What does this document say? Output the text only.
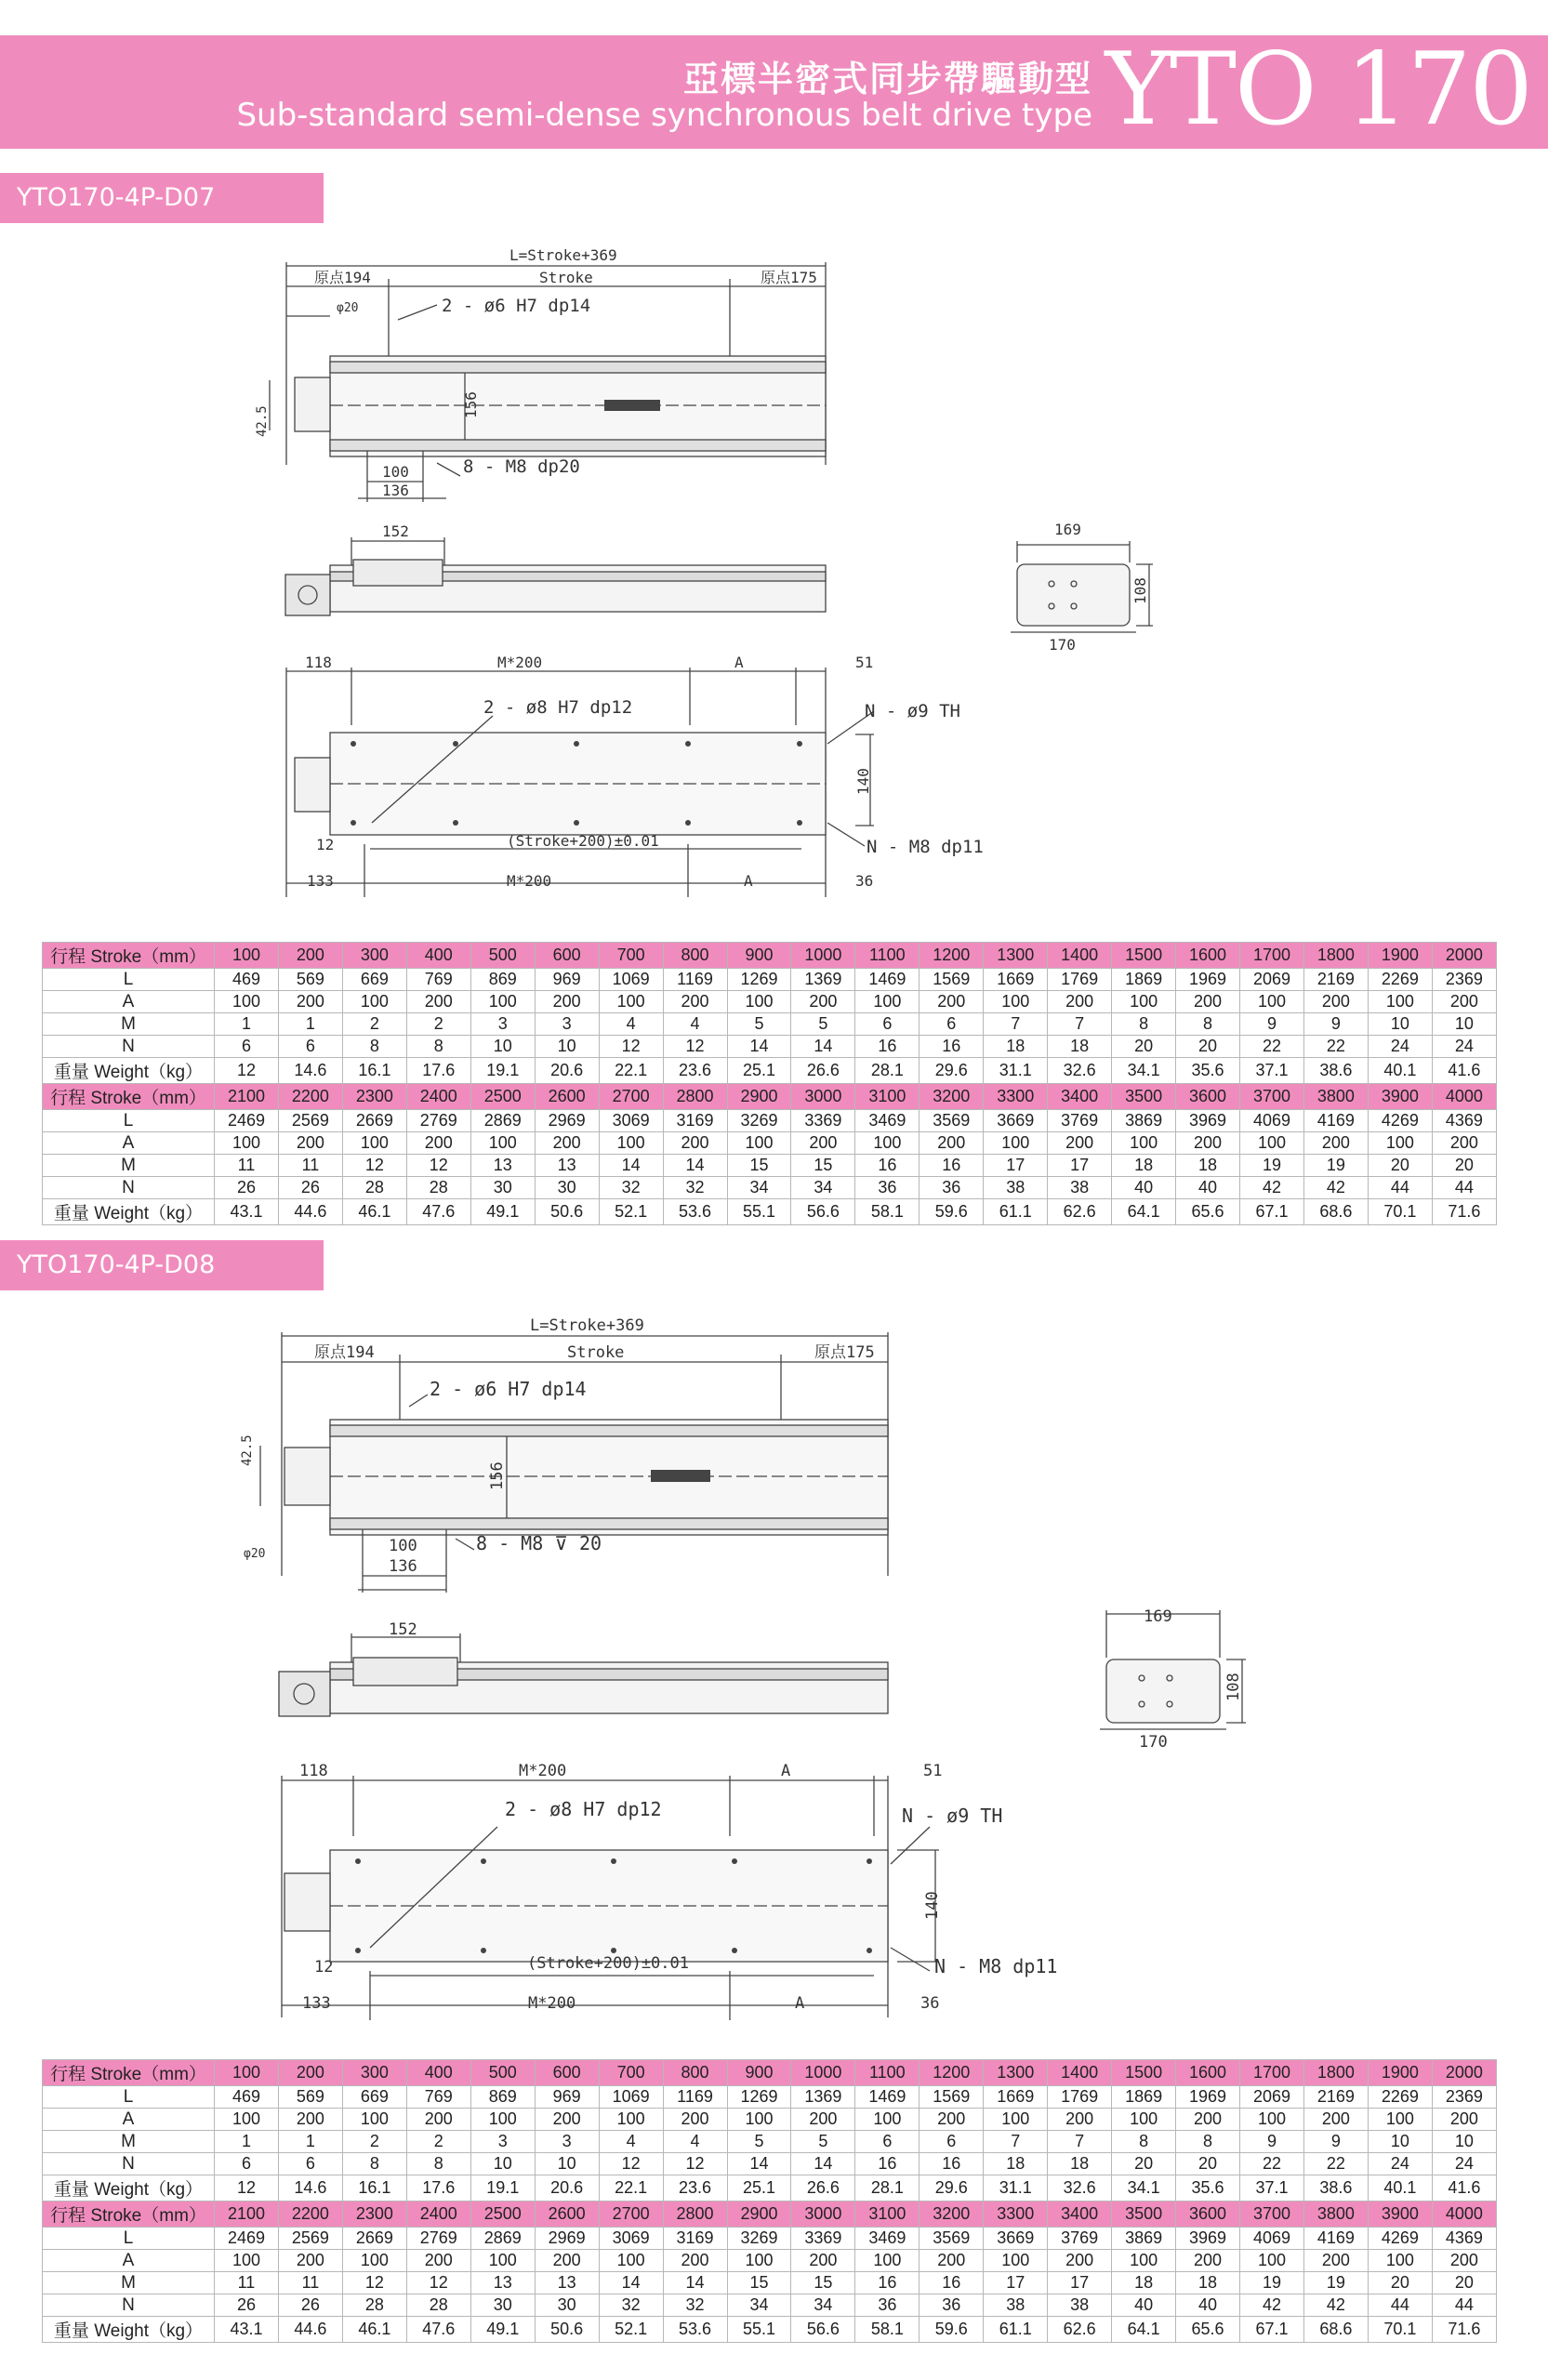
亞標半密式同步帶驅動型
Sub-standard semi-dense synchronous belt drive type YTO 170
YTO170-4P-D07
L=Stroke+369
原点194	Stroke	原点175
φ20	2 - ø6 H7 dp14
156
42.5
100
136
8 - M8 dp20
152	169
108
170
118	M*200	A	51
2 - ø8 H7 dp12	N - ø9 TH
140
12	(Stroke+200)±0.01	N - M8 dp11
133	M*200	A	36
行程 Stroke（mm）	100	200	300	400	500	600	700	800	900	1000	1100	1200	1300	1400	1500	1600	1700	1800	1900	2000
L	469	569	669	769	869	969	1069	1169	1269	1369	1469	1569	1669	1769	1869	1969	2069	2169	2269	2369
A	100	200	100	200	100	200	100	200	100	200	100	200	100	200	100	200	100	200	100	200
M	1	1	2	2	3	3	4	4	5	5	6	6	7	7	8	8	9	9	10	10
N	6	6	8	8	10	10	12	12	14	14	16	16	18	18	20	20	22	22	24	24
重量 Weight（kg）	12	14.6	16.1	17.6	19.1	20.6	22.1	23.6	25.1	26.6	28.1	29.6	31.1	32.6	34.1	35.6	37.1	38.6	40.1	41.6
行程 Stroke（mm）	2100	2200	2300	2400	2500	2600	2700	2800	2900	3000	3100	3200	3300	3400	3500	3600	3700	3800	3900	4000
L	2469	2569	2669	2769	2869	2969	3069	3169	3269	3369	3469	3569	3669	3769	3869	3969	4069	4169	4269	4369
A	100	200	100	200	100	200	100	200	100	200	100	200	100	200	100	200	100	200	100	200
M	11	11	12	12	13	13	14	14	15	15	16	16	17	17	18	18	19	19	20	20
N	26	26	28	28	30	30	32	32	34	34	36	36	38	38	40	40	42	42	44	44
重量 Weight（kg）	43.1	44.6	46.1	47.6	49.1	50.6	52.1	53.6	55.1	56.6	58.1	59.6	61.1	62.6	64.1	65.6	67.1	68.6	70.1	71.6
YTO170-4P-D08
L=Stroke+369
原点194	Stroke	原点175
φ20
2 - ø6 H7 dp14
156
42.5
100
136
8 - M8 ⊽ 20
152
169
108
170
118	M*200	A	51
2 - ø8 H7 dp12	N - ø9 TH
140
12	(Stroke+200)±0.01	N - M8 dp11
133	M*200	A	36
行程 Stroke（mm）	100	200	300	400	500	600	700	800	900	1000	1100	1200	1300	1400	1500	1600	1700	1800	1900	2000
L	469	569	669	769	869	969	1069	1169	1269	1369	1469	1569	1669	1769	1869	1969	2069	2169	2269	2369
A	100	200	100	200	100	200	100	200	100	200	100	200	100	200	100	200	100	200	100	200
M	1	1	2	2	3	3	4	4	5	5	6	6	7	7	8	8	9	9	10	10
N	6	6	8	8	10	10	12	12	14	14	16	16	18	18	20	20	22	22	24	24
重量 Weight（kg）	12	14.6	16.1	17.6	19.1	20.6	22.1	23.6	25.1	26.6	28.1	29.6	31.1	32.6	34.1	35.6	37.1	38.6	40.1	41.6
行程 Stroke（mm）	2100	2200	2300	2400	2500	2600	2700	2800	2900	3000	3100	3200	3300	3400	3500	3600	3700	3800	3900	4000
L	2469	2569	2669	2769	2869	2969	3069	3169	3269	3369	3469	3569	3669	3769	3869	3969	4069	4169	4269	4369
A	100	200	100	200	100	200	100	200	100	200	100	200	100	200	100	200	100	200	100	200
M	11	11	12	12	13	13	14	14	15	15	16	16	17	17	18	18	19	19	20	20
N	26	26	28	28	30	30	32	32	34	34	36	36	38	38	40	40	42	42	44	44
重量 Weight（kg）	43.1	44.6	46.1	47.6	49.1	50.6	52.1	53.6	55.1	56.6	58.1	59.6	61.1	62.6	64.1	65.6	67.1	68.6	70.1	71.6
